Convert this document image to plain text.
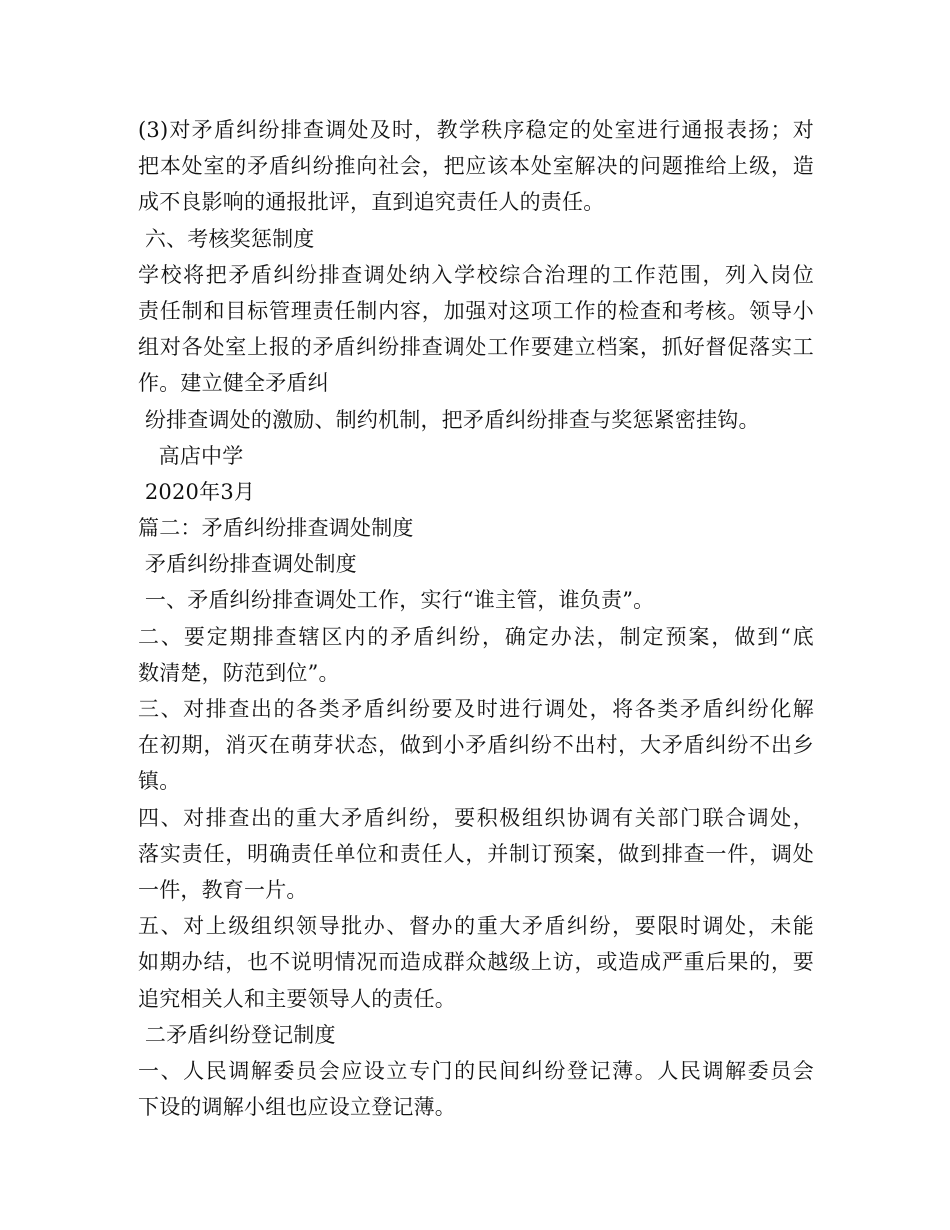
(3)对矛盾纠纷排查调处及时，教学秩序稳定的处室进行通报表扬；对
把本处室的矛盾纠纷推向社会，把应该本处室解决的问题推给上级，造
成不良影响的通报批评，直到追究责任人的责任。
六、考核奖惩制度
学校将把矛盾纠纷排查调处纳入学校综合治理的工作范围，列入岗位
责任制和目标管理责任制内容，加强对这项工作的检查和考核。领导小
组对各处室上报的矛盾纠纷排查调处工作要建立档案，抓好督促落实工
作。建立健全矛盾纠
纷排查调处的激励、制约机制，把矛盾纠纷排查与奖惩紧密挂钩。
高店中学
2020年3月
篇二：矛盾纠纷排查调处制度
矛盾纠纷排查调处制度
一、矛盾纠纷排查调处工作，实行“谁主管，谁负责”。
二、要定期排查辖区内的矛盾纠纷，确定办法，制定预案，做到“底
数清楚，防范到位”。
三、对排查出的各类矛盾纠纷要及时进行调处，将各类矛盾纠纷化解
在初期，消灭在萌芽状态，做到小矛盾纠纷不出村，大矛盾纠纷不出乡
镇。
四、对排查出的重大矛盾纠纷，要积极组织协调有关部门联合调处，
落实责任，明确责任单位和责任人，并制订预案，做到排查一件，调处
一件，教育一片。
五、对上级组织领导批办、督办的重大矛盾纠纷，要限时调处，未能
如期办结，也不说明情况而造成群众越级上访，或造成严重后果的，要
追究相关人和主要领导人的责任。
二矛盾纠纷登记制度
一、人民调解委员会应设立专门的民间纠纷登记薄。人民调解委员会
下设的调解小组也应设立登记薄。
